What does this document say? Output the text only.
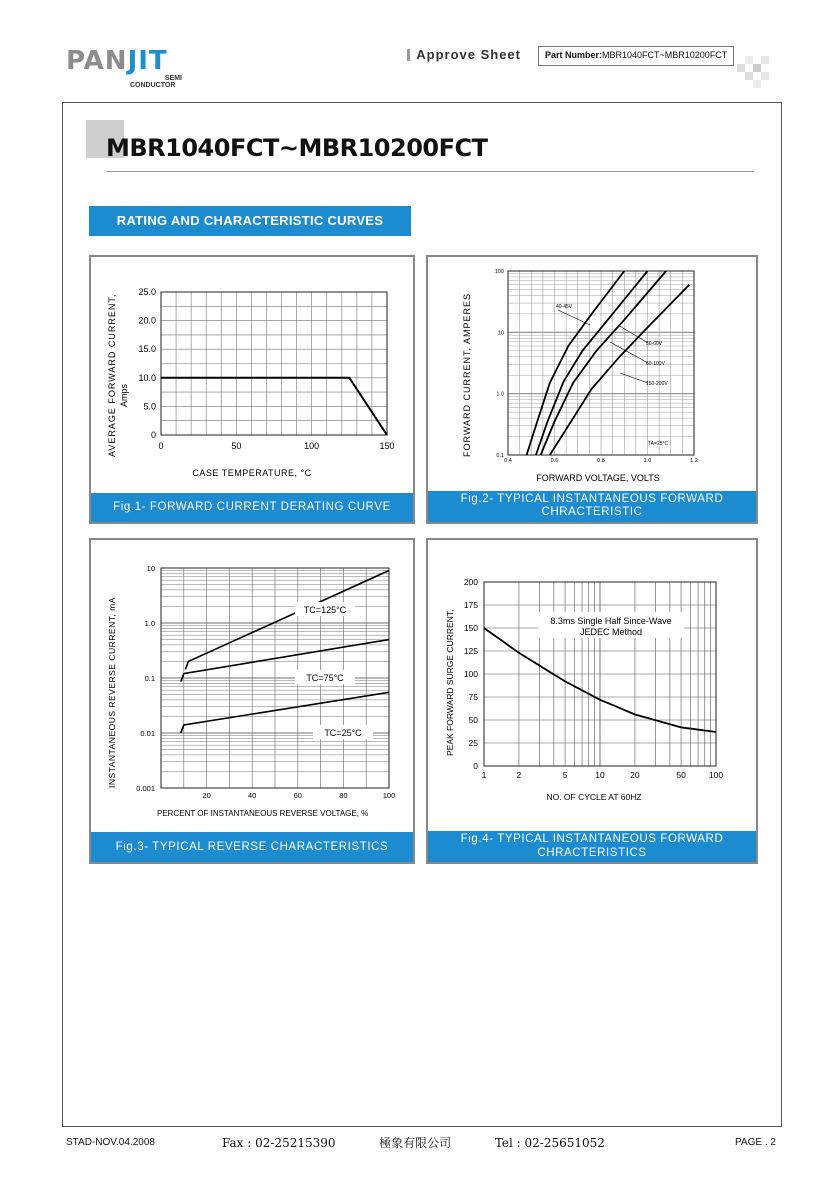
PANJIT
SEMI
CONDUCTOR
Approve Sheet	Part Number:MBR1040FCT~MBR10200FCT
MBR1040FCT~MBR10200FCT
RATING AND CHARACTERISTIC CURVES
0
5.0
10.0
15.0
20.0
25.0
0	50	100	150
AVERAGE FORWARD CURRENT, Amps
CASE TEMPERATURE, °C
Fig.1- FORWARD CURRENT DERATING CURVE
0.1
1.0
10
100
0.4	0.6	0.8	1.0	1.2
40-45V
50-60V
60-100V
150-200V
FORWARD CURRENT, AMPERES
FORWARD VOLTAGE, VOLTS
TA=25°C
Fig.2- TYPICAL INSTANTANEOUS FORWARD
CHRACTERISTIC
0.001
0.01
0.1
1.0
10
20	40	60	80	100
TC=125°C
TC=75°C
TC=25°C
INSTANTANEOUS REVERSE CURRENT, mA
PERCENT OF INSTANTANEOUS REVERSE VOLTAGE, %
Fig.3- TYPICAL REVERSE CHARACTERISTICS
0
25
50
75
100
125
150
175
200
1	2	5	10	20	50	100
8.3ms Single Half Since-Wave
JEDEC Method
PEAK FORWARD SURGE CURRENT,
NO. OF CYCLE AT 60HZ
Fig.4- TYPICAL INSTANTANEOUS FORWARD
CHRACTERISTICS
STAD-NOV.04.2008	Fax : 02-25215390	極象有限公司	Tel : 02-25651052	PAGE . 2
